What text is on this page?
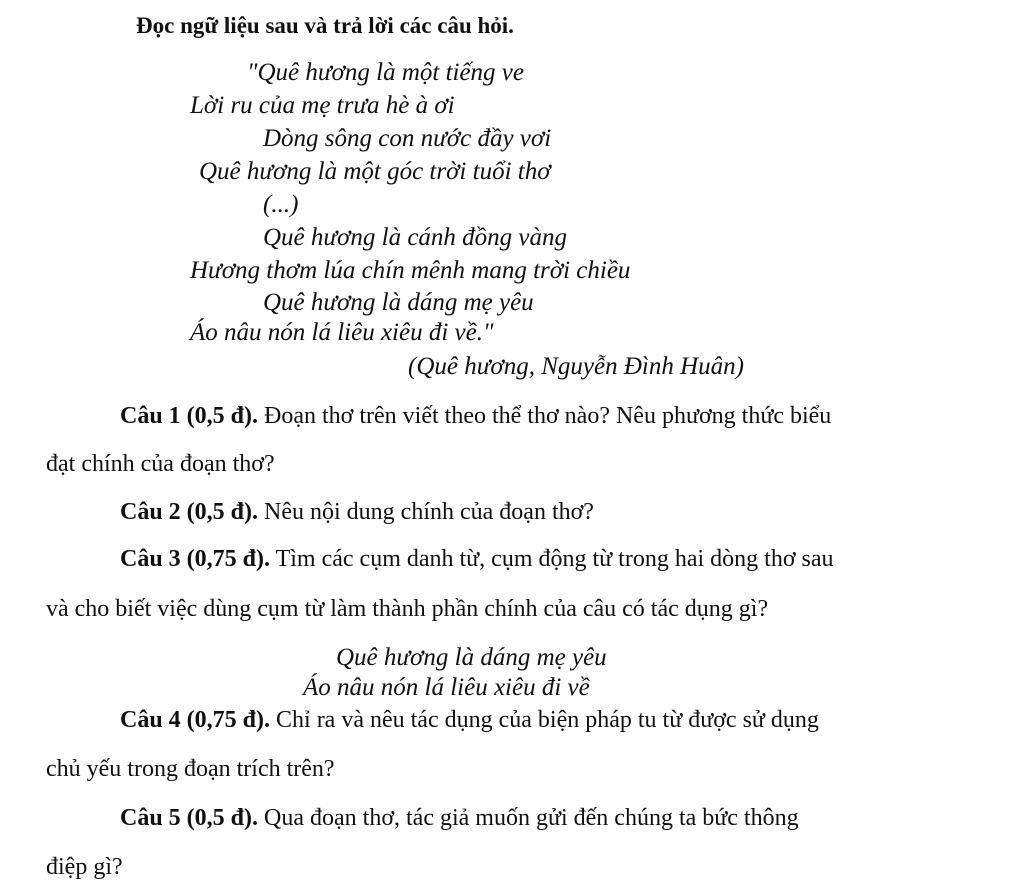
Đọc ngữ liệu sau và trả lời các câu hỏi.
"Quê hương là một tiếng ve
Lời ru của mẹ trưa hè à ơi
Dòng sông con nước đầy vơi
Quê hương là một góc trời tuổi thơ
(...)
Quê hương là cánh đồng vàng
Hương thơm lúa chín mênh mang trời chiều
Quê hương là dáng mẹ yêu
Áo nâu nón lá liêu xiêu đi về."
(Quê hương, Nguyễn Đình Huân)
Câu 1 (0,5 đ). Đoạn thơ trên viết theo thể thơ nào? Nêu phương thức biểu
đạt chính của đoạn thơ?
Câu 2 (0,5 đ). Nêu nội dung chính của đoạn thơ?
Câu 3 (0,75 đ). Tìm các cụm danh từ, cụm động từ trong hai dòng thơ sau
và cho biết việc dùng cụm từ làm thành phần chính của câu có tác dụng gì?
Quê hương là dáng mẹ yêu
Áo nâu nón lá liêu xiêu đi về
Câu 4 (0,75 đ). Chỉ ra và nêu tác dụng của biện pháp tu từ được sử dụng
chủ yếu trong đoạn trích trên?
Câu 5 (0,5 đ). Qua đoạn thơ, tác giả muốn gửi đến chúng ta bức thông
điệp gì?
